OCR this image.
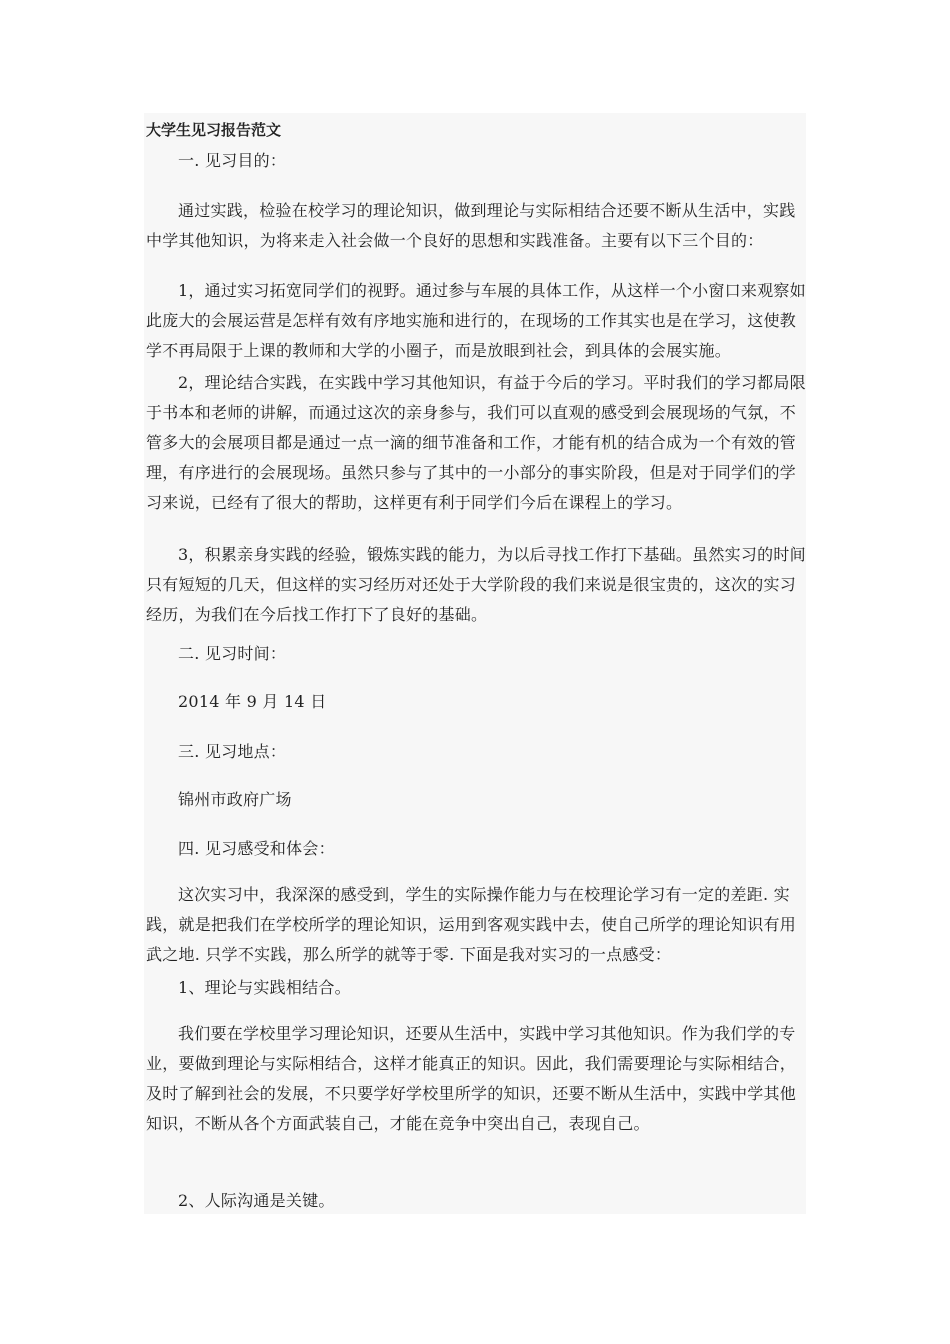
大学生见习报告范文

一. 见习目的：

通过实践，检验在校学习的理论知识，做到理论与实际相结合还要不断从生活中，实践中学其他知识，为将来走入社会做一个良好的思想和实践准备。主要有以下三个目的：

1，通过实习拓宽同学们的视野。通过参与车展的具体工作，从这样一个小窗口来观察如此庞大的会展运营是怎样有效有序地实施和进行的，在现场的工作其实也是在学习，这使教学不再局限于上课的教师和大学的小圈子，而是放眼到社会，到具体的会展实施。

2，理论结合实践，在实践中学习其他知识，有益于今后的学习。平时我们的学习都局限于书本和老师的讲解，而通过这次的亲身参与，我们可以直观的感受到会展现场的气氛，不管多大的会展项目都是通过一点一滴的细节准备和工作，才能有机的结合成为一个有效的管理，有序进行的会展现场。虽然只参与了其中的一小部分的事实阶段，但是对于同学们的学习来说，已经有了很大的帮助，这样更有利于同学们今后在课程上的学习。

3，积累亲身实践的经验，锻炼实践的能力，为以后寻找工作打下基础。虽然实习的时间只有短短的几天，但这样的实习经历对还处于大学阶段的我们来说是很宝贵的，这次的实习经历，为我们在今后找工作打下了良好的基础。

二. 见习时间：

2014 年 9 月 14 日

三. 见习地点：

锦州市政府广场

四. 见习感受和体会：

这次实习中，我深深的感受到，学生的实际操作能力与在校理论学习有一定的差距. 实践，就是把我们在学校所学的理论知识，运用到客观实践中去，使自己所学的理论知识有用武之地. 只学不实践，那么所学的就等于零. 下面是我对实习的一点感受：

1、理论与实践相结合。

我们要在学校里学习理论知识，还要从生活中，实践中学习其他知识。作为我们学的专业，要做到理论与实际相结合，这样才能真正的知识。因此，我们需要理论与实际相结合，及时了解到社会的发展，不只要学好学校里所学的知识，还要不断从生活中，实践中学其他知识，不断从各个方面武装自己，才能在竞争中突出自己，表现自己。

2、人际沟通是关键。
